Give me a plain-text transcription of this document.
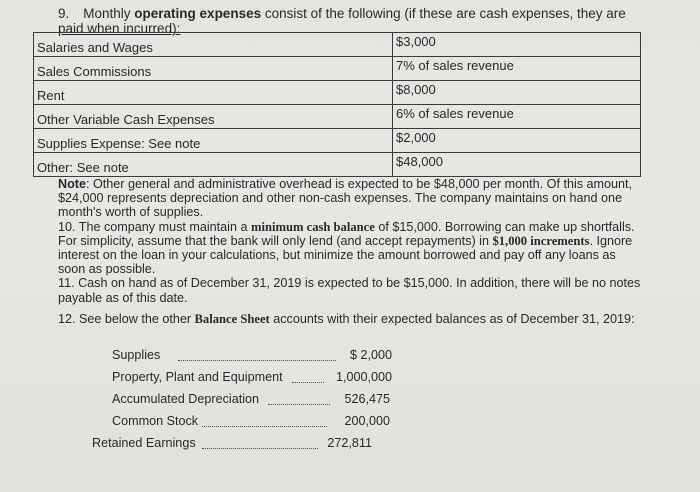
9. Monthly operating expenses consist of the following (if these are cash expenses, they are
paid when incurred):
Salaries and Wages	$3,000
Sales Commissions	7% of sales revenue
Rent	$8,000
Other Variable Cash Expenses	6% of sales revenue
Supplies Expense: See note	$2,000
Other: See note	$48,000

Note: Other general and administrative overhead is expected to be $48,000 per month. Of this amount, $24,000 represents depreciation and other non-cash expenses. The company maintains on hand one month's worth of supplies.

10. The company must maintain a minimum cash balance of $15,000. Borrowing can make up shortfalls. For simplicity, assume that the bank will only lend (and accept repayments) in $1,000 increments. Ignore interest on the loan in your calculations, but minimize the amount borrowed and pay off any loans as soon as possible.

11. Cash on hand as of December 31, 2019 is expected to be $15,000. In addition, there will be no notes payable as of this date.

12. See below the other Balance Sheet accounts with their expected balances as of December 31, 2019:

Supplies	$ 2,000
Property, Plant and Equipment	1,000,000
Accumulated Depreciation	526,475
Common Stock	200,000
Retained Earnings	272,811
